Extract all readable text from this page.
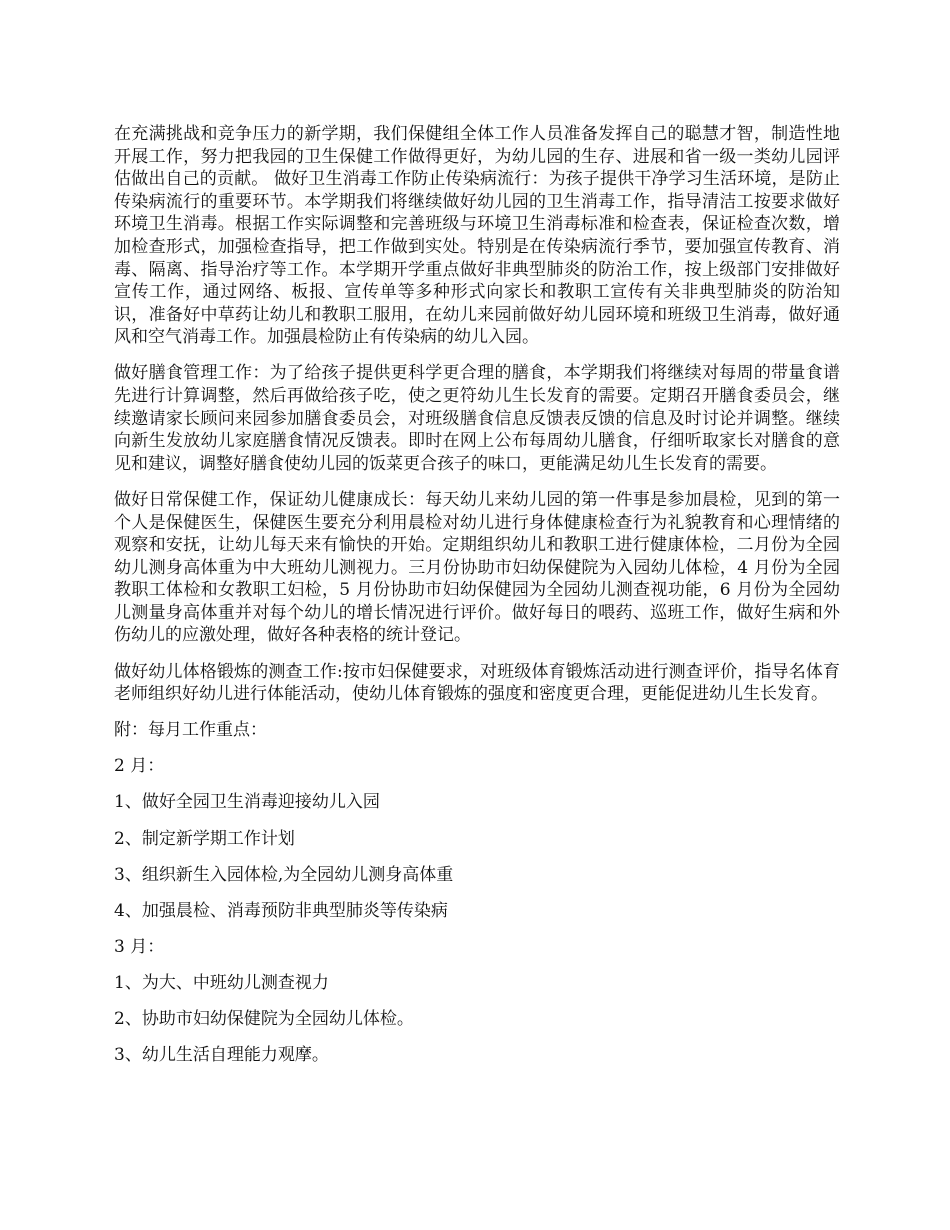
在充满挑战和竞争压力的新学期，我们保健组全体工作人员准备发挥自己的聪慧才智，制造性地开展工作，努力把我园的卫生保健工作做得更好，为幼儿园的生存、进展和省一级一类幼儿园评估做出自己的贡献。 做好卫生消毒工作防止传染病流行：为孩子提供干净学习生活环境，是防止传染病流行的重要环节。本学期我们将继续做好幼儿园的卫生消毒工作，指导清洁工按要求做好环境卫生消毒。根据工作实际调整和完善班级与环境卫生消毒标准和检查表，保证检查次数，增加检查形式，加强检查指导，把工作做到实处。特别是在传染病流行季节，要加强宣传教育、消毒、隔离、指导治疗等工作。本学期开学重点做好非典型肺炎的防治工作，按上级部门安排做好宣传工作，通过网络、板报、宣传单等多种形式向家长和教职工宣传有关非典型肺炎的防治知识，准备好中草药让幼儿和教职工服用，在幼儿来园前做好幼儿园环境和班级卫生消毒，做好通风和空气消毒工作。加强晨检防止有传染病的幼儿入园。

做好膳食管理工作：为了给孩子提供更科学更合理的膳食，本学期我们将继续对每周的带量食谱先进行计算调整，然后再做给孩子吃，使之更符幼儿生长发育的需要。定期召开膳食委员会，继续邀请家长顾问来园参加膳食委员会，对班级膳食信息反馈表反馈的信息及时讨论并调整。继续向新生发放幼儿家庭膳食情况反馈表。即时在网上公布每周幼儿膳食，仔细听取家长对膳食的意见和建议，调整好膳食使幼儿园的饭菜更合孩子的味口，更能满足幼儿生长发育的需要。

做好日常保健工作，保证幼儿健康成长：每天幼儿来幼儿园的第一件事是参加晨检，见到的第一个人是保健医生，保健医生要充分利用晨检对幼儿进行身体健康检查行为礼貌教育和心理情绪的观察和安抚，让幼儿每天来有愉快的开始。定期组织幼儿和教职工进行健康体检，二月份为全园幼儿测身高体重为中大班幼儿测视力。三月份协助市妇幼保健院为入园幼儿体检，4 月份为全园教职工体检和女教职工妇检，5 月份协助市妇幼保健园为全园幼儿测查视功能，6 月份为全园幼儿测量身高体重并对每个幼儿的增长情况进行评价。做好每日的喂药、巡班工作，做好生病和外伤幼儿的应激处理，做好各种表格的统计登记。

做好幼儿体格锻炼的测查工作:按市妇保健要求，对班级体育锻炼活动进行测查评价，指导名体育老师组织好幼儿进行体能活动，使幼儿体育锻炼的强度和密度更合理，更能促进幼儿生长发育。

附：每月工作重点：

2 月：

1、做好全园卫生消毒迎接幼儿入园

2、制定新学期工作计划

3、组织新生入园体检,为全园幼儿测身高体重

4、加强晨检、消毒预防非典型肺炎等传染病

3 月：

1、为大、中班幼儿测查视力

2、协助市妇幼保健院为全园幼儿体检。

3、幼儿生活自理能力观摩。
